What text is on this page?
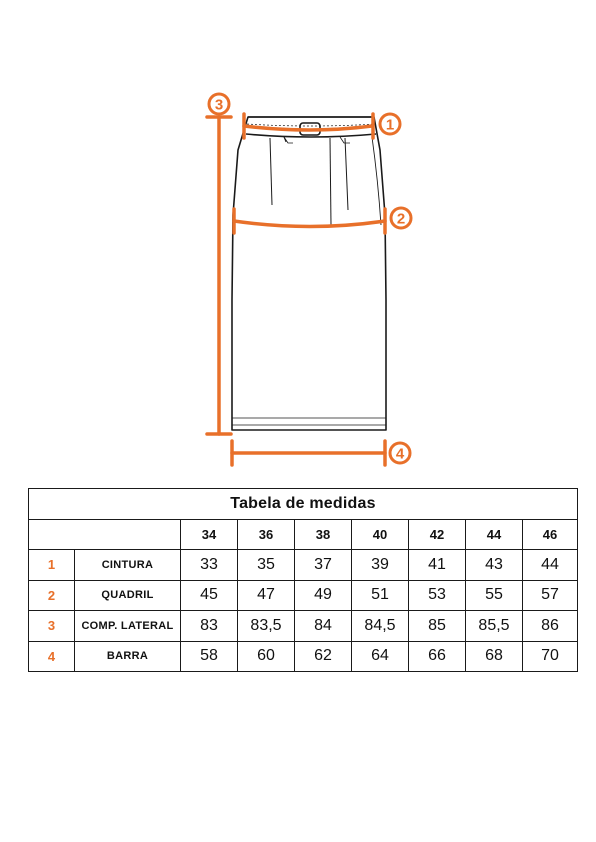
1
2
3
4
Tabela de medidas								
		34	36	38	40	42	44	46
1	CINTURA	33	35	37	39	41	43	44
2	QUADRIL	45	47	49	51	53	55	57
3	COMP. LATERAL	83	83,5	84	84,5	85	85,5	86
4	BARRA	58	60	62	64	66	68	70
